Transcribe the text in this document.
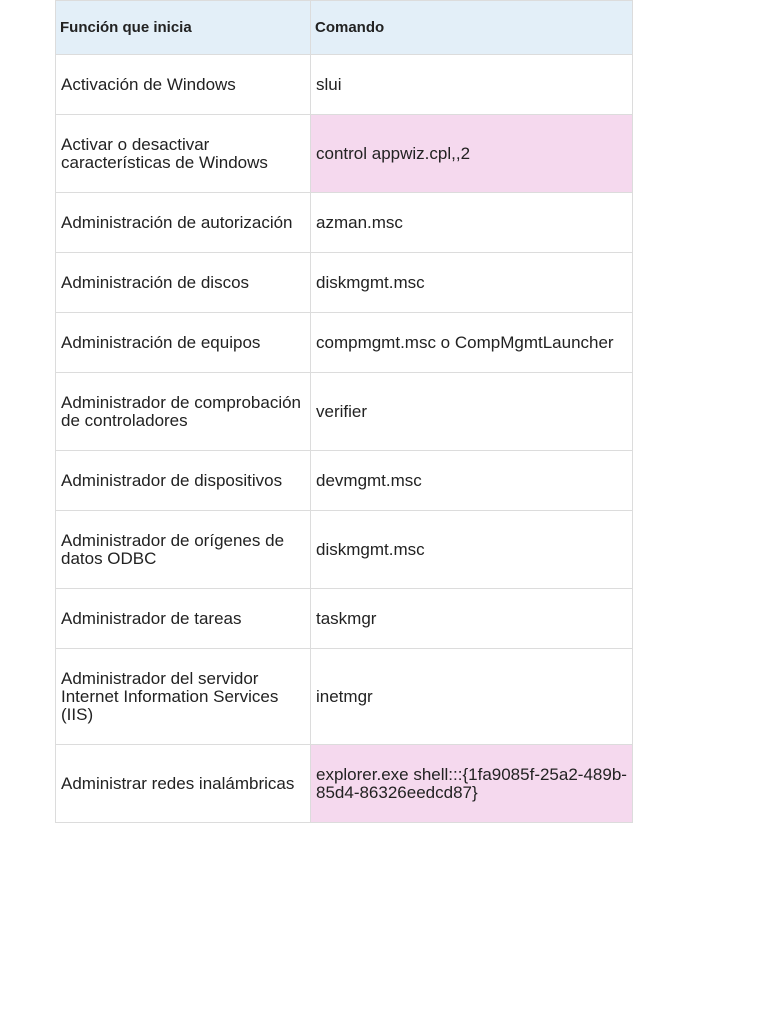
Función que inicia	Comando
Activación de Windows	slui
Activar o desactivar características de Windows	control appwiz.cpl,,2
Administración de autorización	azman.msc
Administración de discos	diskmgmt.msc
Administración de equipos	compmgmt.msc o CompMgmtLauncher
Administrador de comprobación de controladores	verifier
Administrador de dispositivos	devmgmt.msc
Administrador de orígenes de datos ODBC	diskmgmt.msc
Administrador de tareas	taskmgr
Administrador del servidor Internet Information Services (IIS)	inetmgr
Administrar redes inalámbricas	explorer.exe shell:::{1fa9085f-25a2-489b-85d4-86326eedcd87}
